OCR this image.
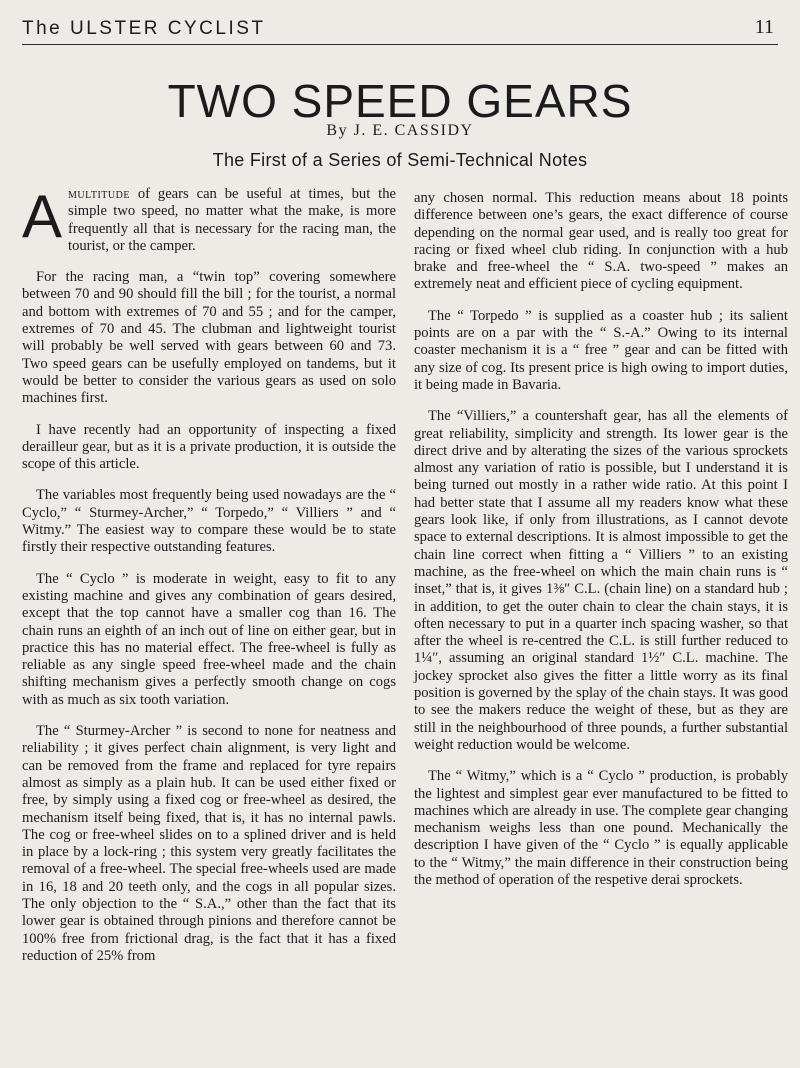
The ULSTER CYCLIST	11
TWO SPEED GEARS
By J. E. CASSIDY
The First of a Series of Semi-Technical Notes

Amultitude of gears can be useful at times, but the simple two speed, no matter what the make, is more frequently all that is necessary for the racing man, the tourist, or the camper.

For the racing man, a “twin top” covering somewhere between 70 and 90 should fill the bill ; for the tourist, a normal and bottom with extremes of 70 and 55 ; and for the camper, extremes of 70 and 45. The clubman and lightweight tourist will probably be well served with gears between 60 and 73. Two speed gears can be usefully employed on tandems, but it would be better to consider the various gears as used on solo machines first.

I have recently had an opportunity of inspecting a fixed derailleur gear, but as it is a private production, it is outside the scope of this article.

The variables most frequently being used nowadays are the “ Cyclo,” “ Sturmey-Archer,” “ Torpedo,” “ Villiers ” and “ Witmy.” The easiest way to compare these would be to state firstly their respective outstanding features.

The “ Cyclo ” is moderate in weight, easy to fit to any existing machine and gives any combination of gears desired, except that the top cannot have a smaller cog than 16. The chain runs an eighth of an inch out of line on either gear, but in practice this has no material effect. The free-wheel is fully as reliable as any single speed free-wheel made and the chain shifting mechanism gives a perfectly smooth change on cogs with as much as six tooth variation.

The “ Sturmey-Archer ” is second to none for neatness and reliability ; it gives perfect chain alignment, is very light and can be removed from the frame and replaced for tyre repairs almost as simply as a plain hub. It can be used either fixed or free, by simply using a fixed cog or free-wheel as desired, the mechanism itself being fixed, that is, it has no internal pawls. The cog or free-wheel slides on to a splined driver and is held in place by a lock-ring ; this system very greatly facilitates the removal of a free-wheel. The special free-wheels used are made in 16, 18 and 20 teeth only, and the cogs in all popular sizes. The only objection to the “ S.A.,” other than the fact that its lower gear is obtained through pinions and therefore cannot be 100% free from frictional drag, is the fact that it has a fixed reduction of 25% from

any chosen normal. This reduction means about 18 points difference between one’s gears, the exact difference of course depending on the normal gear used, and is really too great for racing or fixed wheel club riding. In conjunction with a hub brake and free-wheel the “ S.A. two-speed ” makes an extremely neat and efficient piece of cycling equipment.

The “ Torpedo ” is supplied as a coaster hub ; its salient points are on a par with the “ S.-A.” Owing to its internal coaster mechanism it is a “ free ” gear and can be fitted with any size of cog. Its present price is high owing to import duties, it being made in Bavaria.

The “Villiers,” a countershaft gear, has all the elements of great reliability, simplicity and strength. Its lower gear is the direct drive and by alterating the sizes of the various sprockets almost any variation of ratio is possible, but I understand it is being turned out mostly in a rather wide ratio. At this point I had better state that I assume all my readers know what these gears look like, if only from illustrations, as I cannot devote space to external descriptions. It is almost impossible to get the chain line correct when fitting a “ Villiers ” to an existing machine, as the free-wheel on which the main chain runs is “ inset,” that is, it gives 1⅜″ C.L. (chain line) on a standard hub ; in addition, to get the outer chain to clear the chain stays, it is often necessary to put in a quarter inch spacing washer, so that after the wheel is re-centred the C.L. is still further reduced to 1¼″, assuming an original standard 1½″ C.L. machine. The jockey sprocket also gives the fitter a little worry as its final position is governed by the splay of the chain stays. It was good to see the makers reduce the weight of these, but as they are still in the neighbourhood of three pounds, a further substantial weight reduction would be welcome.

The “ Witmy,” which is a “ Cyclo ” production, is probably the lightest and simplest gear ever manufactured to be fitted to machines which are already in use. The complete gear changing mechanism weighs less than one pound. Mechanically the description I have given of the “ Cyclo ” is equally applicable to the “ Witmy,” the main difference in their construction being the method of operation of the respetive derai sprockets.
